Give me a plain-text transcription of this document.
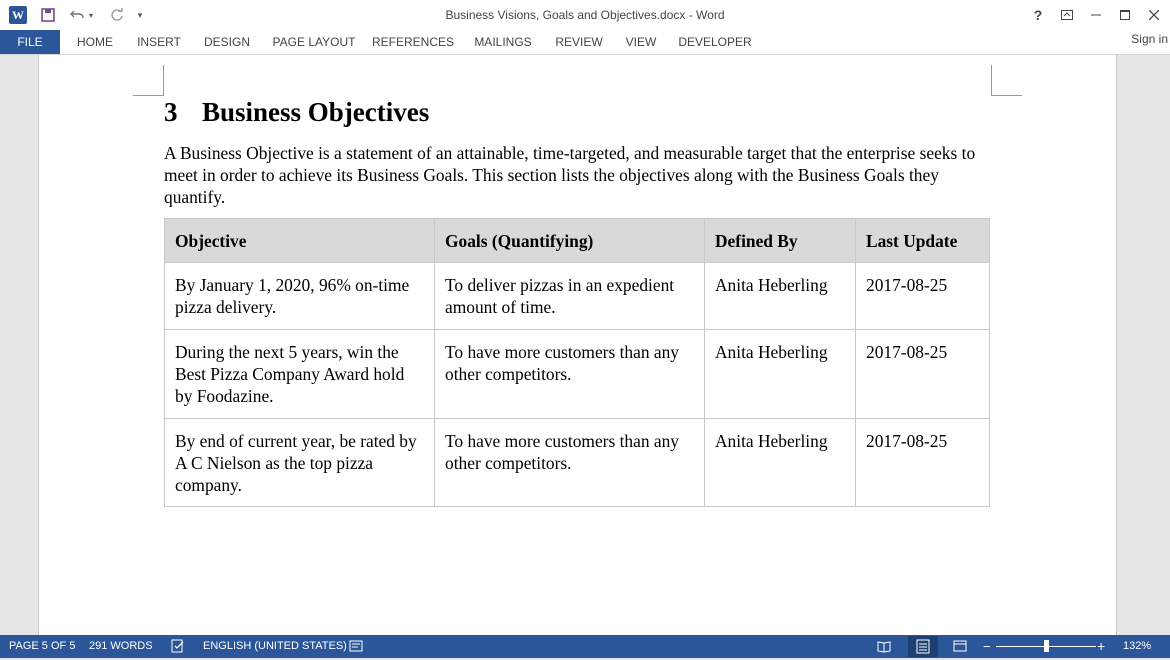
W	▾	▾	Business Visions, Goals and Objectives.docx - Word	?
FILE	HOME	INSERT	DESIGN	PAGE LAYOUT REFERENCES	MAILINGS	REVIEW	VIEW	DEVELOPER	Sign in
3 Business Objectives
A Business Objective is a statement of an attainable, time-targeted, and measurable target that the enterprise seeks to meet in order to achieve its Business Goals. This section lists the objectives along with the Business Goals they quantify.
Objective	Goals (Quantifying)	Defined By	Last Update
By January 1, 2020, 96% on-time pizza delivery.	To deliver pizzas in an expedient amount of time.	Anita Heberling	2017-08-25
During the next 5 years, win the Best Pizza Company Award hold by Foodazine.	To have more customers than any other competitors.	Anita Heberling	2017-08-25
By end of current year, be rated by A C Nielson as the top pizza company.	To have more customers than any other competitors.	Anita Heberling	2017-08-25
PAGE 5 OF 5 291 WORDS	ENGLISH (UNITED STATES)	−	+ 132%
